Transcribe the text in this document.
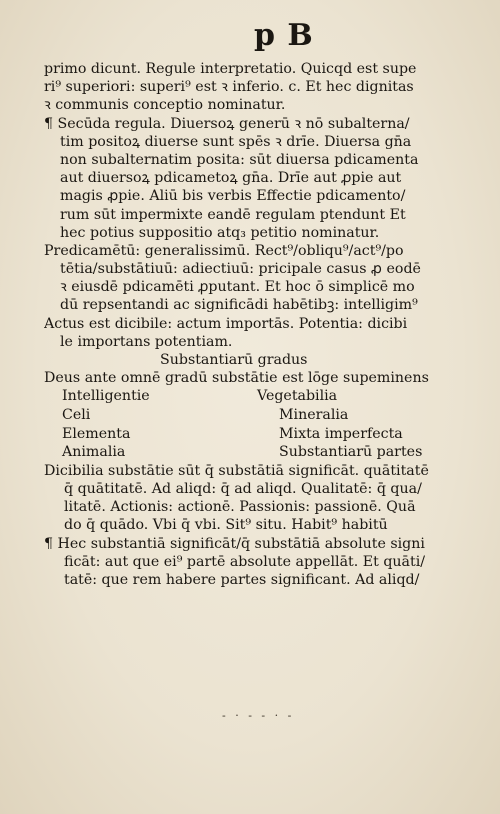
p B
primo dicunt. Regule interpretatio. Quicqd est supe
ri⁹ superiori: superi⁹ est ꝛ inferio. c. Et hec dignitas
ꝛ communis conceptio nominatur.
¶ Secūda regula. Diuersoꝝ generū ꝛ nō subalterna/
tim positoꝝ diuerse sunt spēs ꝛ drīe. Diuersa gn̄a
non subalternatim posita: sūt diuersa pdicamenta
aut diuersoꝝ pdicametoꝝ gn̄a. Drīe aut ꝓpie aut
magis ꝓpie. Aliū bis verbis Effectie pdicamento/
rum sūt impermixte eandē regulam ptendunt Et
hec potius suppositio atq₃ petitio nominatur.
Predicamētū: generalissimū. Rect⁹/obliqu⁹/act⁹/po
tētia/substātiuū: adiectiuū: pricipale casus ꝓ eodē
ꝛ eiusdē pdicamēti ꝓputant. Et hoc ō simplicē mo
dū repsentandi ac significādi habētibꝫ: intelligim⁹
Actus est dicibile: actum importās. Potentia: dicibi
le importans potentiam.
Substantiarū gradus
Deus ante omnē gradū substātie est lōge supeminens
Intelligentie	Vegetabilia
Celi	Mineralia
Elementa	Mixta imperfecta
Animalia	Substantiarū partes
Dicibilia substātie sūt q̄ substātiā significāt. quātitatē
q̄ quātitatē. Ad aliqd: q̄ ad aliqd. Qualitatē: q̄ qua/
litatē. Actionis: actionē. Passionis: passionē. Quā
do q̄ quādo. Vbi q̄ vbi. Sit⁹ situ. Habit⁹ habitū
¶ Hec substantiā significāt/q̄ substātiā absolute signi
ficāt: aut que ei⁹ partē absolute appellāt. Et quāti/
tatē: que rem habere partes significant. Ad aliqd/
- · - - · -
